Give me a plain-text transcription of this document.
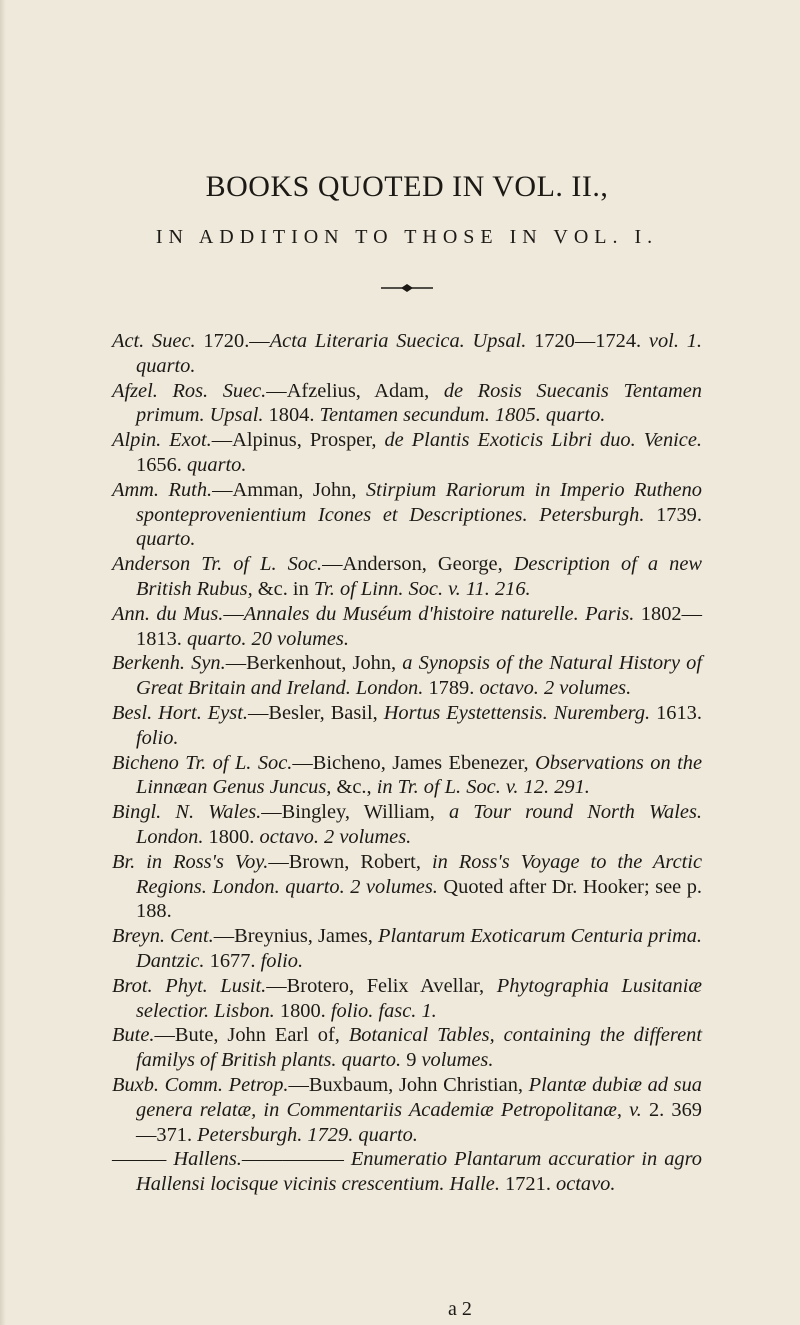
BOOKS QUOTED IN VOL. II.,
IN ADDITION TO THOSE IN VOL. I.

Act. Suec. 1720.—Acta Literaria Suecica. Upsal. 1720—1724. vol. 1. quarto.

Afzel. Ros. Suec.—Afzelius, Adam, de Rosis Suecanis Tentamen primum. Upsal. 1804. Tentamen secundum. 1805. quarto.

Alpin. Exot.—Alpinus, Prosper, de Plantis Exoticis Libri duo. Venice. 1656. quarto.

Amm. Ruth.—Amman, John, Stirpium Rariorum in Imperio Rutheno sponteprovenientium Icones et Descriptiones. Petersburgh. 1739. quarto.

Anderson Tr. of L. Soc.—Anderson, George, Description of a new British Rubus, &c. in Tr. of Linn. Soc. v. 11. 216.

Ann. du Mus.—Annales du Muséum d'histoire naturelle. Paris. 1802—1813. quarto. 20 volumes.

Berkenh. Syn.—Berkenhout, John, a Synopsis of the Natural History of Great Britain and Ireland. London. 1789. octavo. 2 volumes.

Besl. Hort. Eyst.—Besler, Basil, Hortus Eystettensis. Nuremberg. 1613. folio.

Bicheno Tr. of L. Soc.—Bicheno, James Ebenezer, Observations on the Linnæan Genus Juncus, &c., in Tr. of L. Soc. v. 12. 291.

Bingl. N. Wales.—Bingley, William, a Tour round North Wales. London. 1800. octavo. 2 volumes.

Br. in Ross's Voy.—Brown, Robert, in Ross's Voyage to the Arctic Regions. London. quarto. 2 volumes. Quoted after Dr. Hooker; see p. 188.

Breyn. Cent.—Breynius, James, Plantarum Exoticarum Centuria prima. Dantzic. 1677. folio.

Brot. Phyt. Lusit.—Brotero, Felix Avellar, Phytographia Lusitaniæ selectior. Lisbon. 1800. folio. fasc. 1.

Bute.—Bute, John Earl of, Botanical Tables, containing the different familys of British plants. quarto. 9 volumes.

Buxb. Comm. Petrop.—Buxbaum, John Christian, Plantæ dubiæ ad sua genera relatæ, in Commentariis Academiæ Petropolitanæ, v. 2. 369—371. Petersburgh. 1729. quarto.

——— Hallens.————— Enumeratio Plantarum accuratior in agro Hallensi locisque vicinis crescentium. Halle. 1721. octavo.

a 2
